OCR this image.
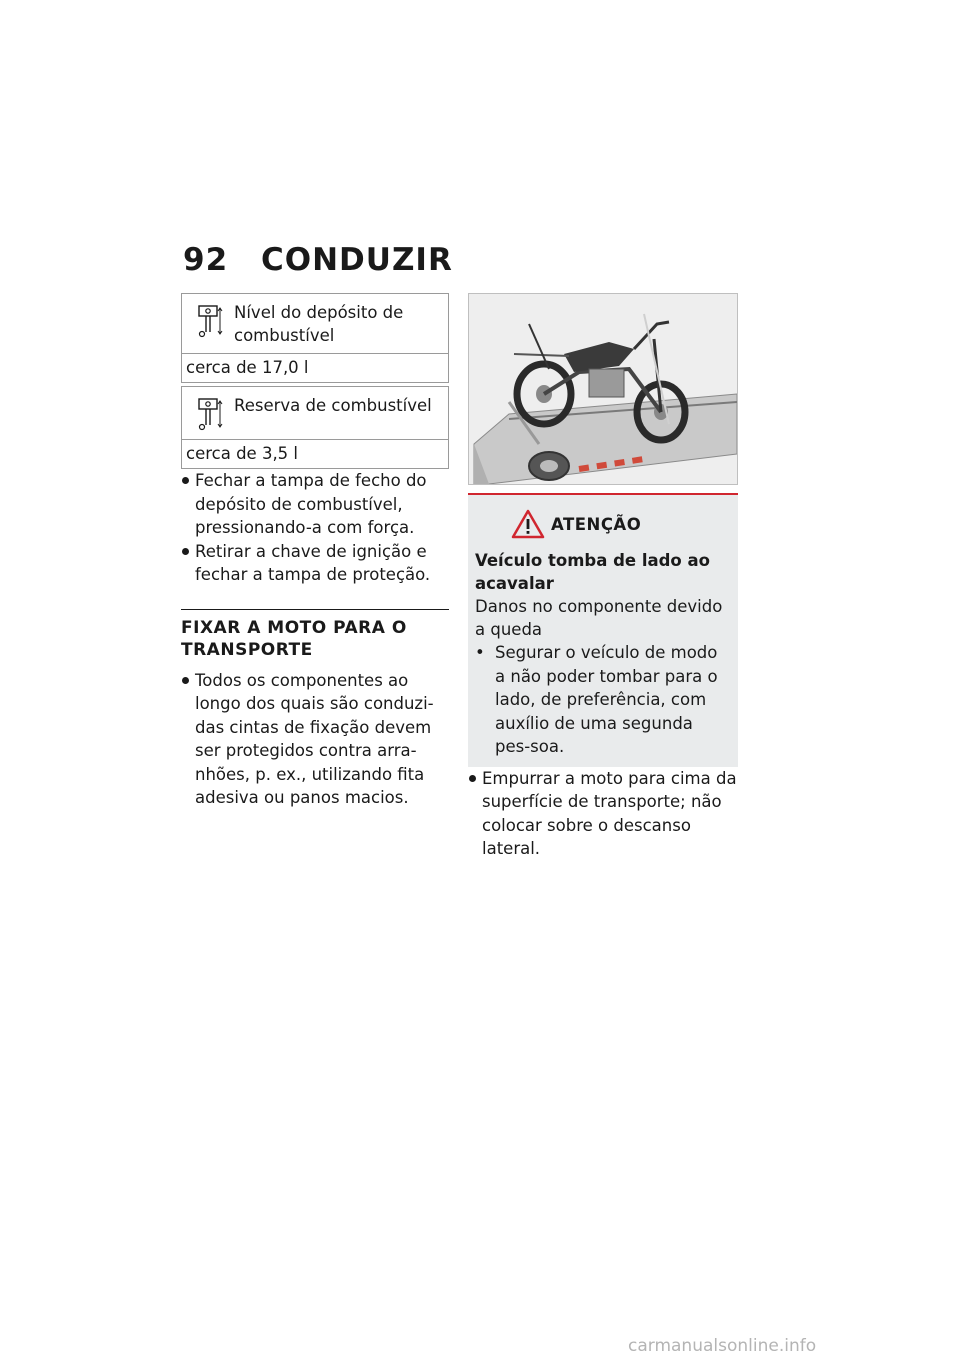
92 CONDUZIR
Nível do depósito de combustível
cerca de 17,0 l
Reserva de combustível
cerca de 3,5 l
Fechar a tampa de fecho do depósito de combustível, pressionando-a com força.
Retirar a chave de ignição e fechar a tampa de proteção.
FIXAR A MOTO PARA O TRANSPORTE
Todos os componentes ao longo dos quais são conduzi-das cintas de fixação devem ser protegidos contra arra-nhões, p. ex., utilizando fita adesiva ou panos macios.
ATENÇÃO
Veículo tomba de lado ao acavalar
Danos no componente devido a queda
• Segurar o veículo de modo a não poder tombar para o lado, de preferência, com auxílio de uma segunda pes-soa.
Empurrar a moto para cima da superfície de transporte; não colocar sobre o descanso lateral.
carmanualsonline.info
